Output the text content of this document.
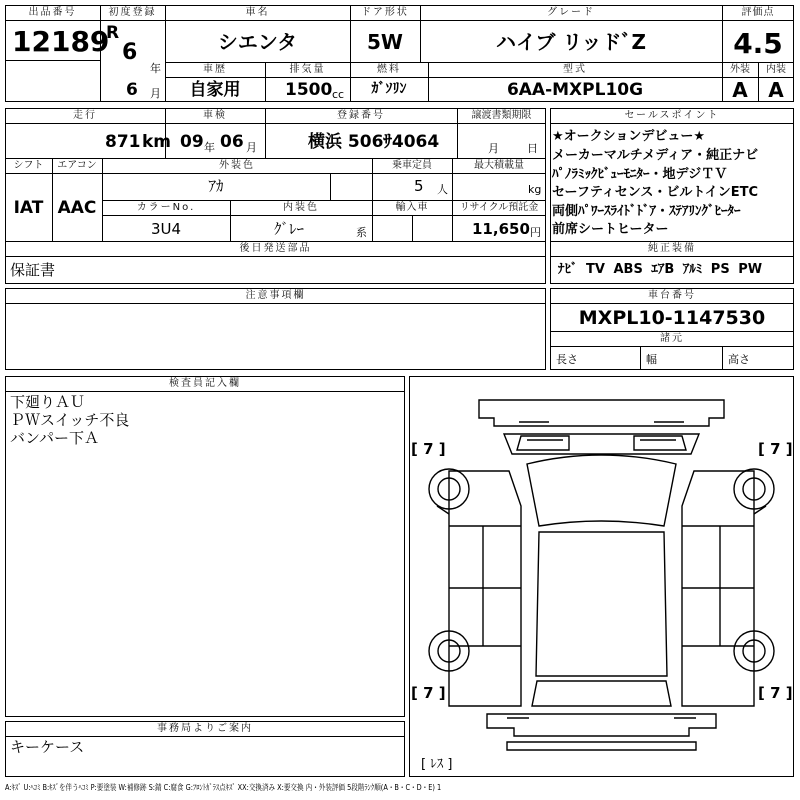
出品番号
12189
初度登録
R
6
年
6 月
車名
シエンタ
ドア形状
5W
グレード
ハイブ リッドﾞZ
評価点
4.5
車歴
自家用
排気量
1500 cc
燃料
ｶﾞｿﾘﾝ
型式
6AA-MXPL10G
外装
A
内装
A
走行
871 km
車検
09 年 06 月
登録番号
横浜 506ｻ4064
譲渡書類期限
月	日
シフト
IAT
エアコン
AAC
外装色
ｱｶ
乗車定員
5 人
最大積載量
kg
カラーNo.
3U4
内装色
ｸﾞﾚｰ	系
輸入車	リサイクル預託金
11,650 円
後日発送部品
保証書
セールスポイント
★オークションデビュー★
メーカーマルチメディア・純正ナビ
ﾊﾟﾉﾗﾐｯｸﾋﾞｭｰﾓﾆﾀｰ・地デジＴＶ
セーフティセンス・ビルトインETC
両側ﾊﾟﾜｰｽﾗｲﾄﾞﾄﾞｱ・ｽﾃｱﾘﾝｸﾞﾋｰﾀｰ
前席シートヒーター
純正装備
ﾅﾋﾞ TV ABS ｴｱB ｱﾙﾐ PS PW
注意事項欄	車台番号
MXPL10-1147530
諸元
長さ	幅	高さ
検査員記入欄
下廻りＡＵ
ＰＷスイッチ不良
バンパー下Ａ
事務局よりご案内
キーケース
[ 7 ]	[ 7 ]
[ 7 ]	[ 7 ]
[ ﾚｽ ]
A:ｷｽﾞ U:ﾍｺﾐ B:ｷｽﾞを伴うﾍｺﾐ P:要塗装 W:補修跡 S:錆 C:腐食 G:ﾌﾛﾝﾄｶﾞﾗｽ点ｷｽﾞ XX:交換済み X:要交換 内・外装評価 5段階ﾗﾝｸ順(A・B・C・D・E) 1
